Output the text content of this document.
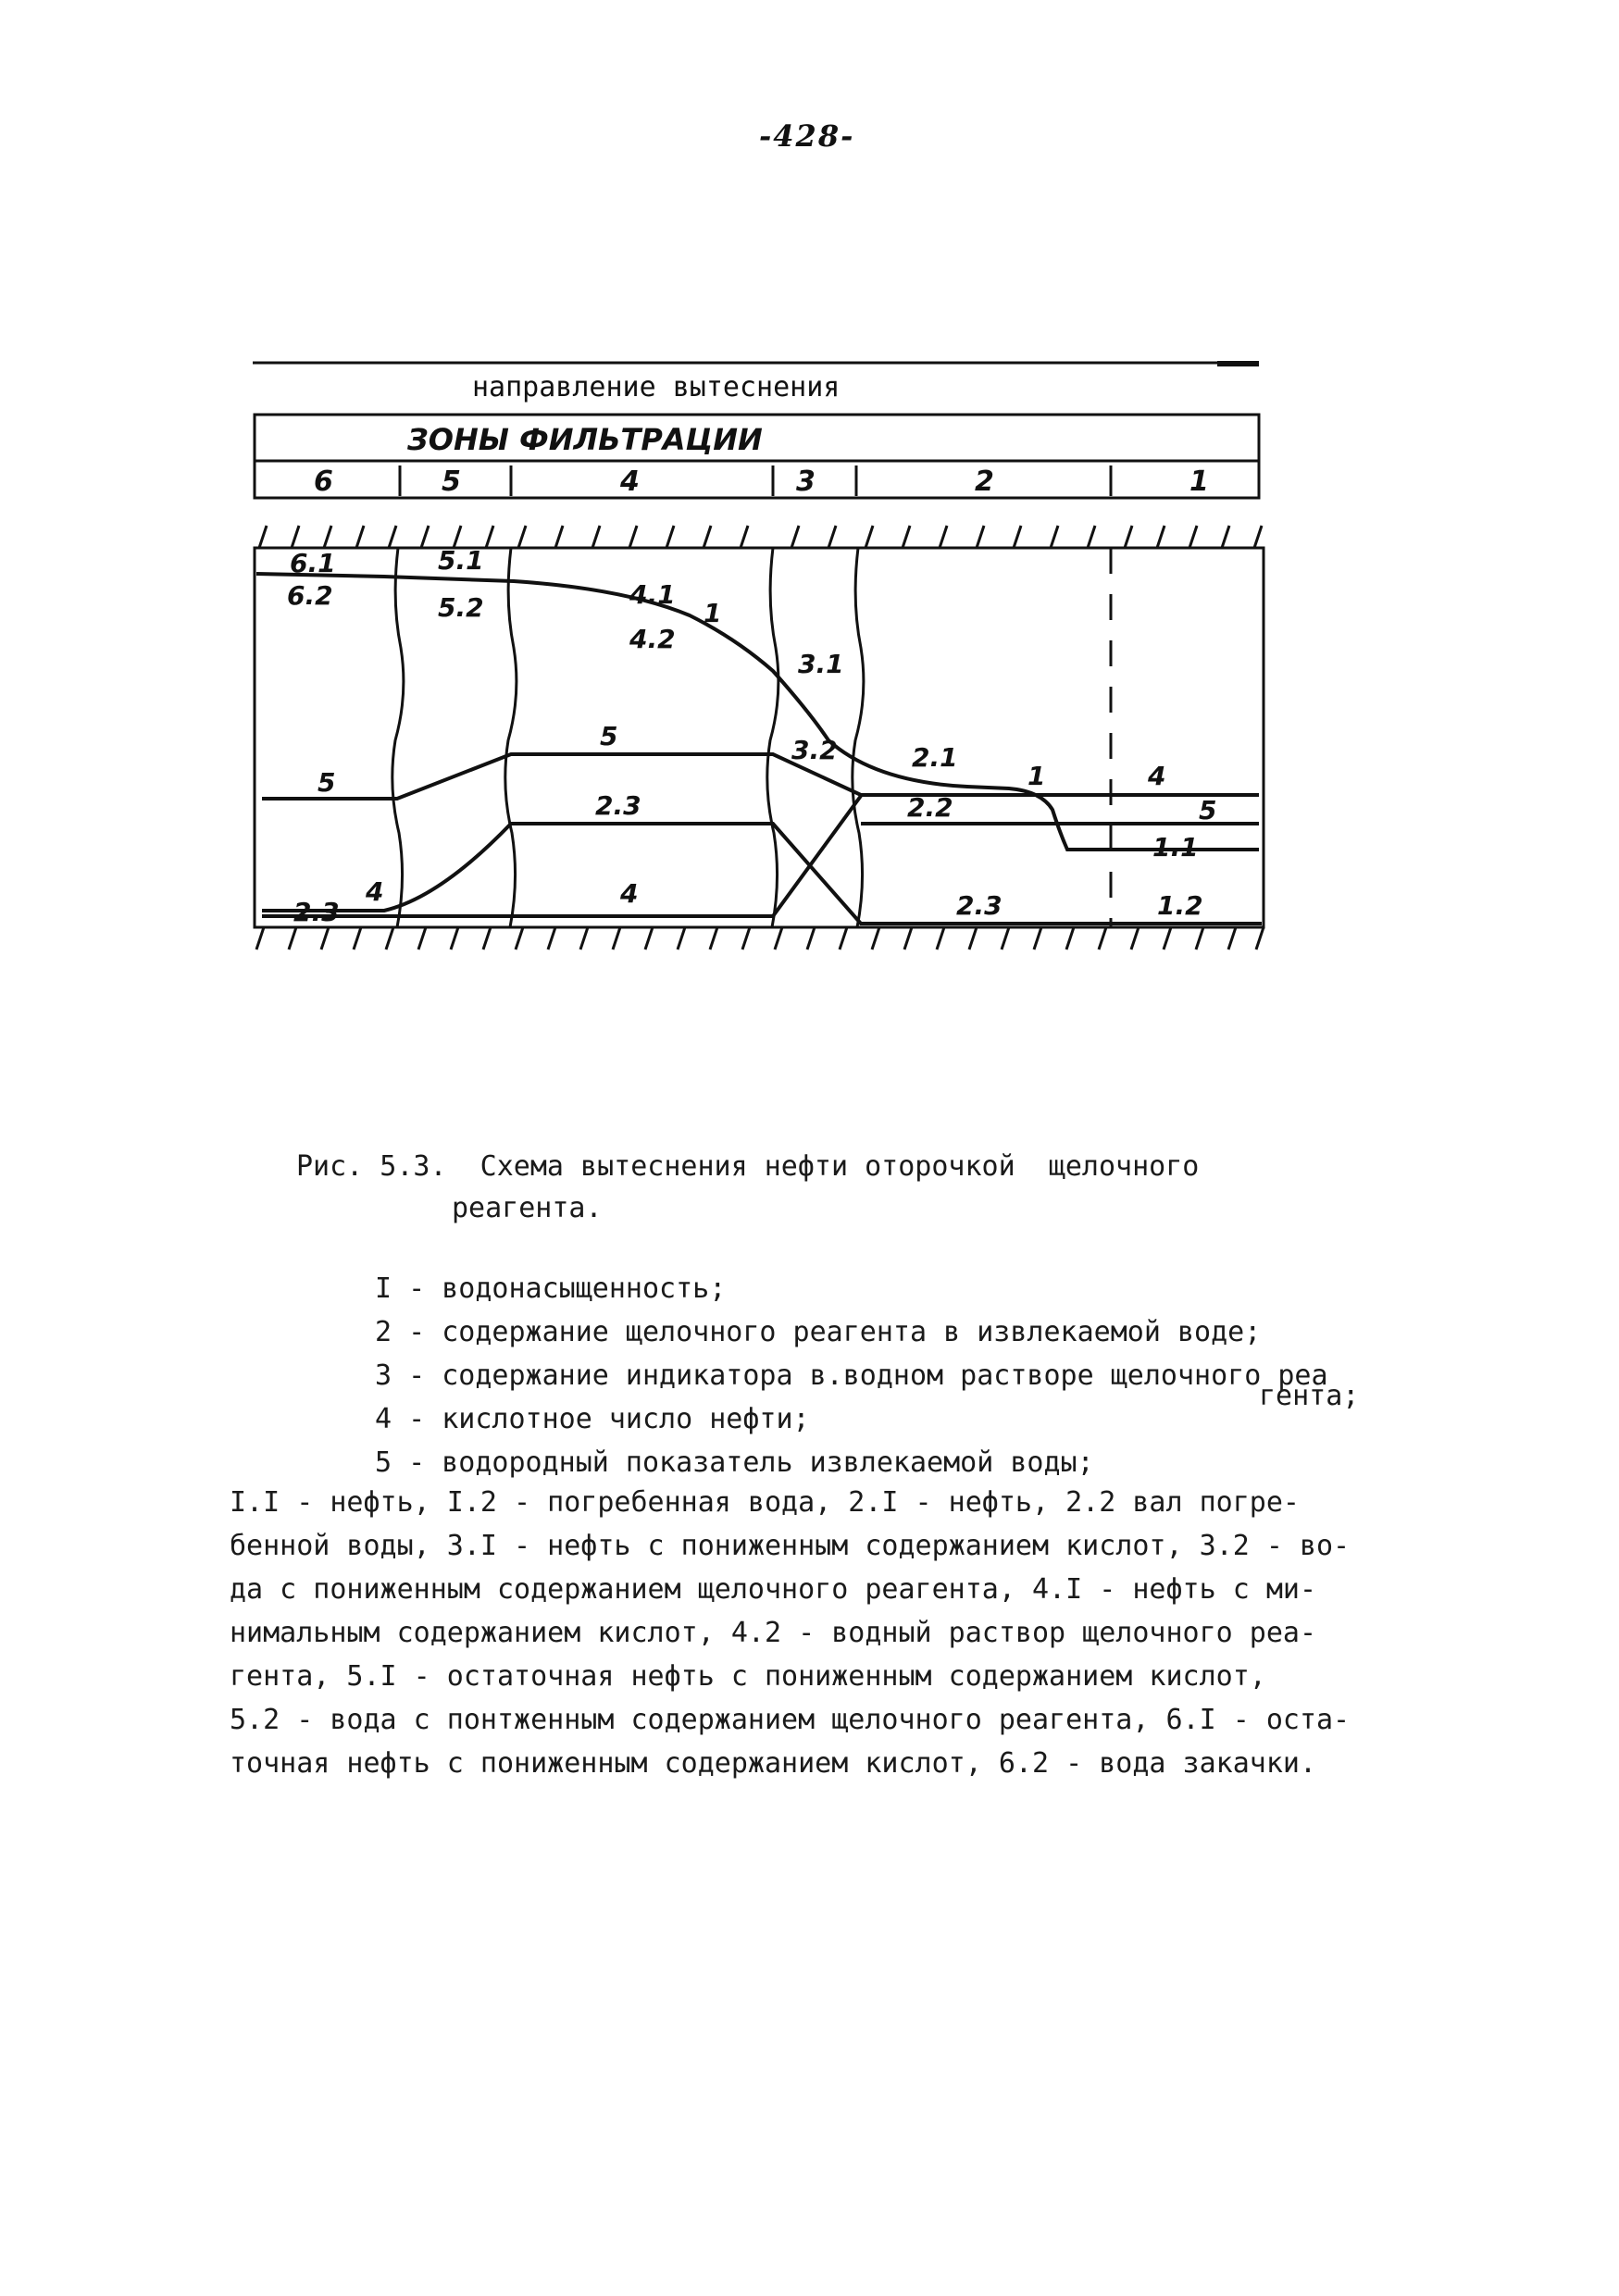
-428-
направление вытеснения
ЗОНЫ ФИЛЬТРАЦИИ
6	5	4	3	2	1
6.1
6.2
5.1
5.2	4.1
4.2
1
3.1
3.2	2.1
1	4
2.2	5
1.1
5
5
2.3
4
2.3
4	2.3	1.2
Рис. 5.3.  Схема вытеснения нефти оторочкой  щелочного
реагента.
I - водонасыщенность;
2 - содержание щелочного реагента в извлекаемой воде;
3 - содержание индикатора в.водном растворе щелочного реа
гента;
4 - кислотное число нефти;
5 - водородный показатель извлекаемой воды;
I.I - нефть, I.2 - погребенная вода, 2.I - нефть, 2.2 вал погре-
бенной воды, 3.I - нефть с пониженным содержанием кислот, 3.2 - во-
да с пониженным содержанием щелочного реагента, 4.I - нефть с ми-
нимальным содержанием кислот, 4.2 - водный раствор щелочного реа-
гента, 5.I - остаточная нефть с пониженным содержанием кислот,
5.2 - вода с понтженным содержанием щелочного реагента, 6.I - оста-
точная нефть с пониженным содержанием кислот, 6.2 - вода закачки.
